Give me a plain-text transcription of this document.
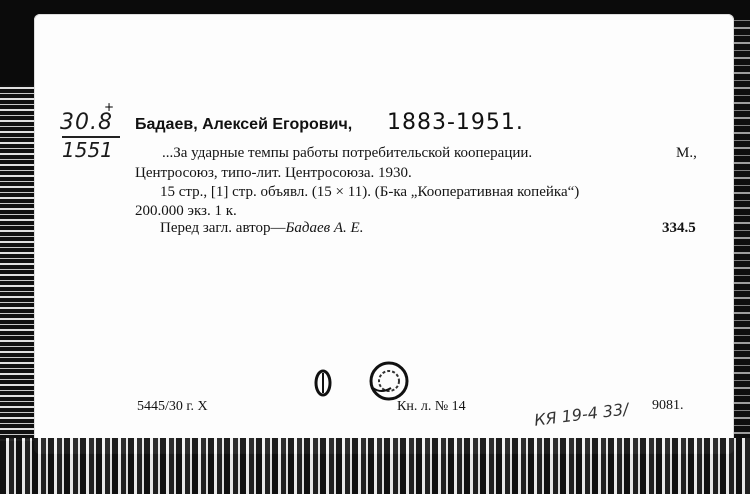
+
30.8
1551
Бадаев, Алексей Егорович, 1883-1951.
...За ударные темпы работы потребительской кооперации.	М.,
Центросоюз, типо-лит. Центросоюза. 1930.
15 стр., [1] стр. объявл. (15 × 11). (Б-ка „Кооперативная копейка“)
200.000 экз. 1 к.
Перед загл. автор—Бадаев А. Е.	334.5
5445/30 г. Х	Кн. л. № 14	9081.
КЯ 19-4 33/
